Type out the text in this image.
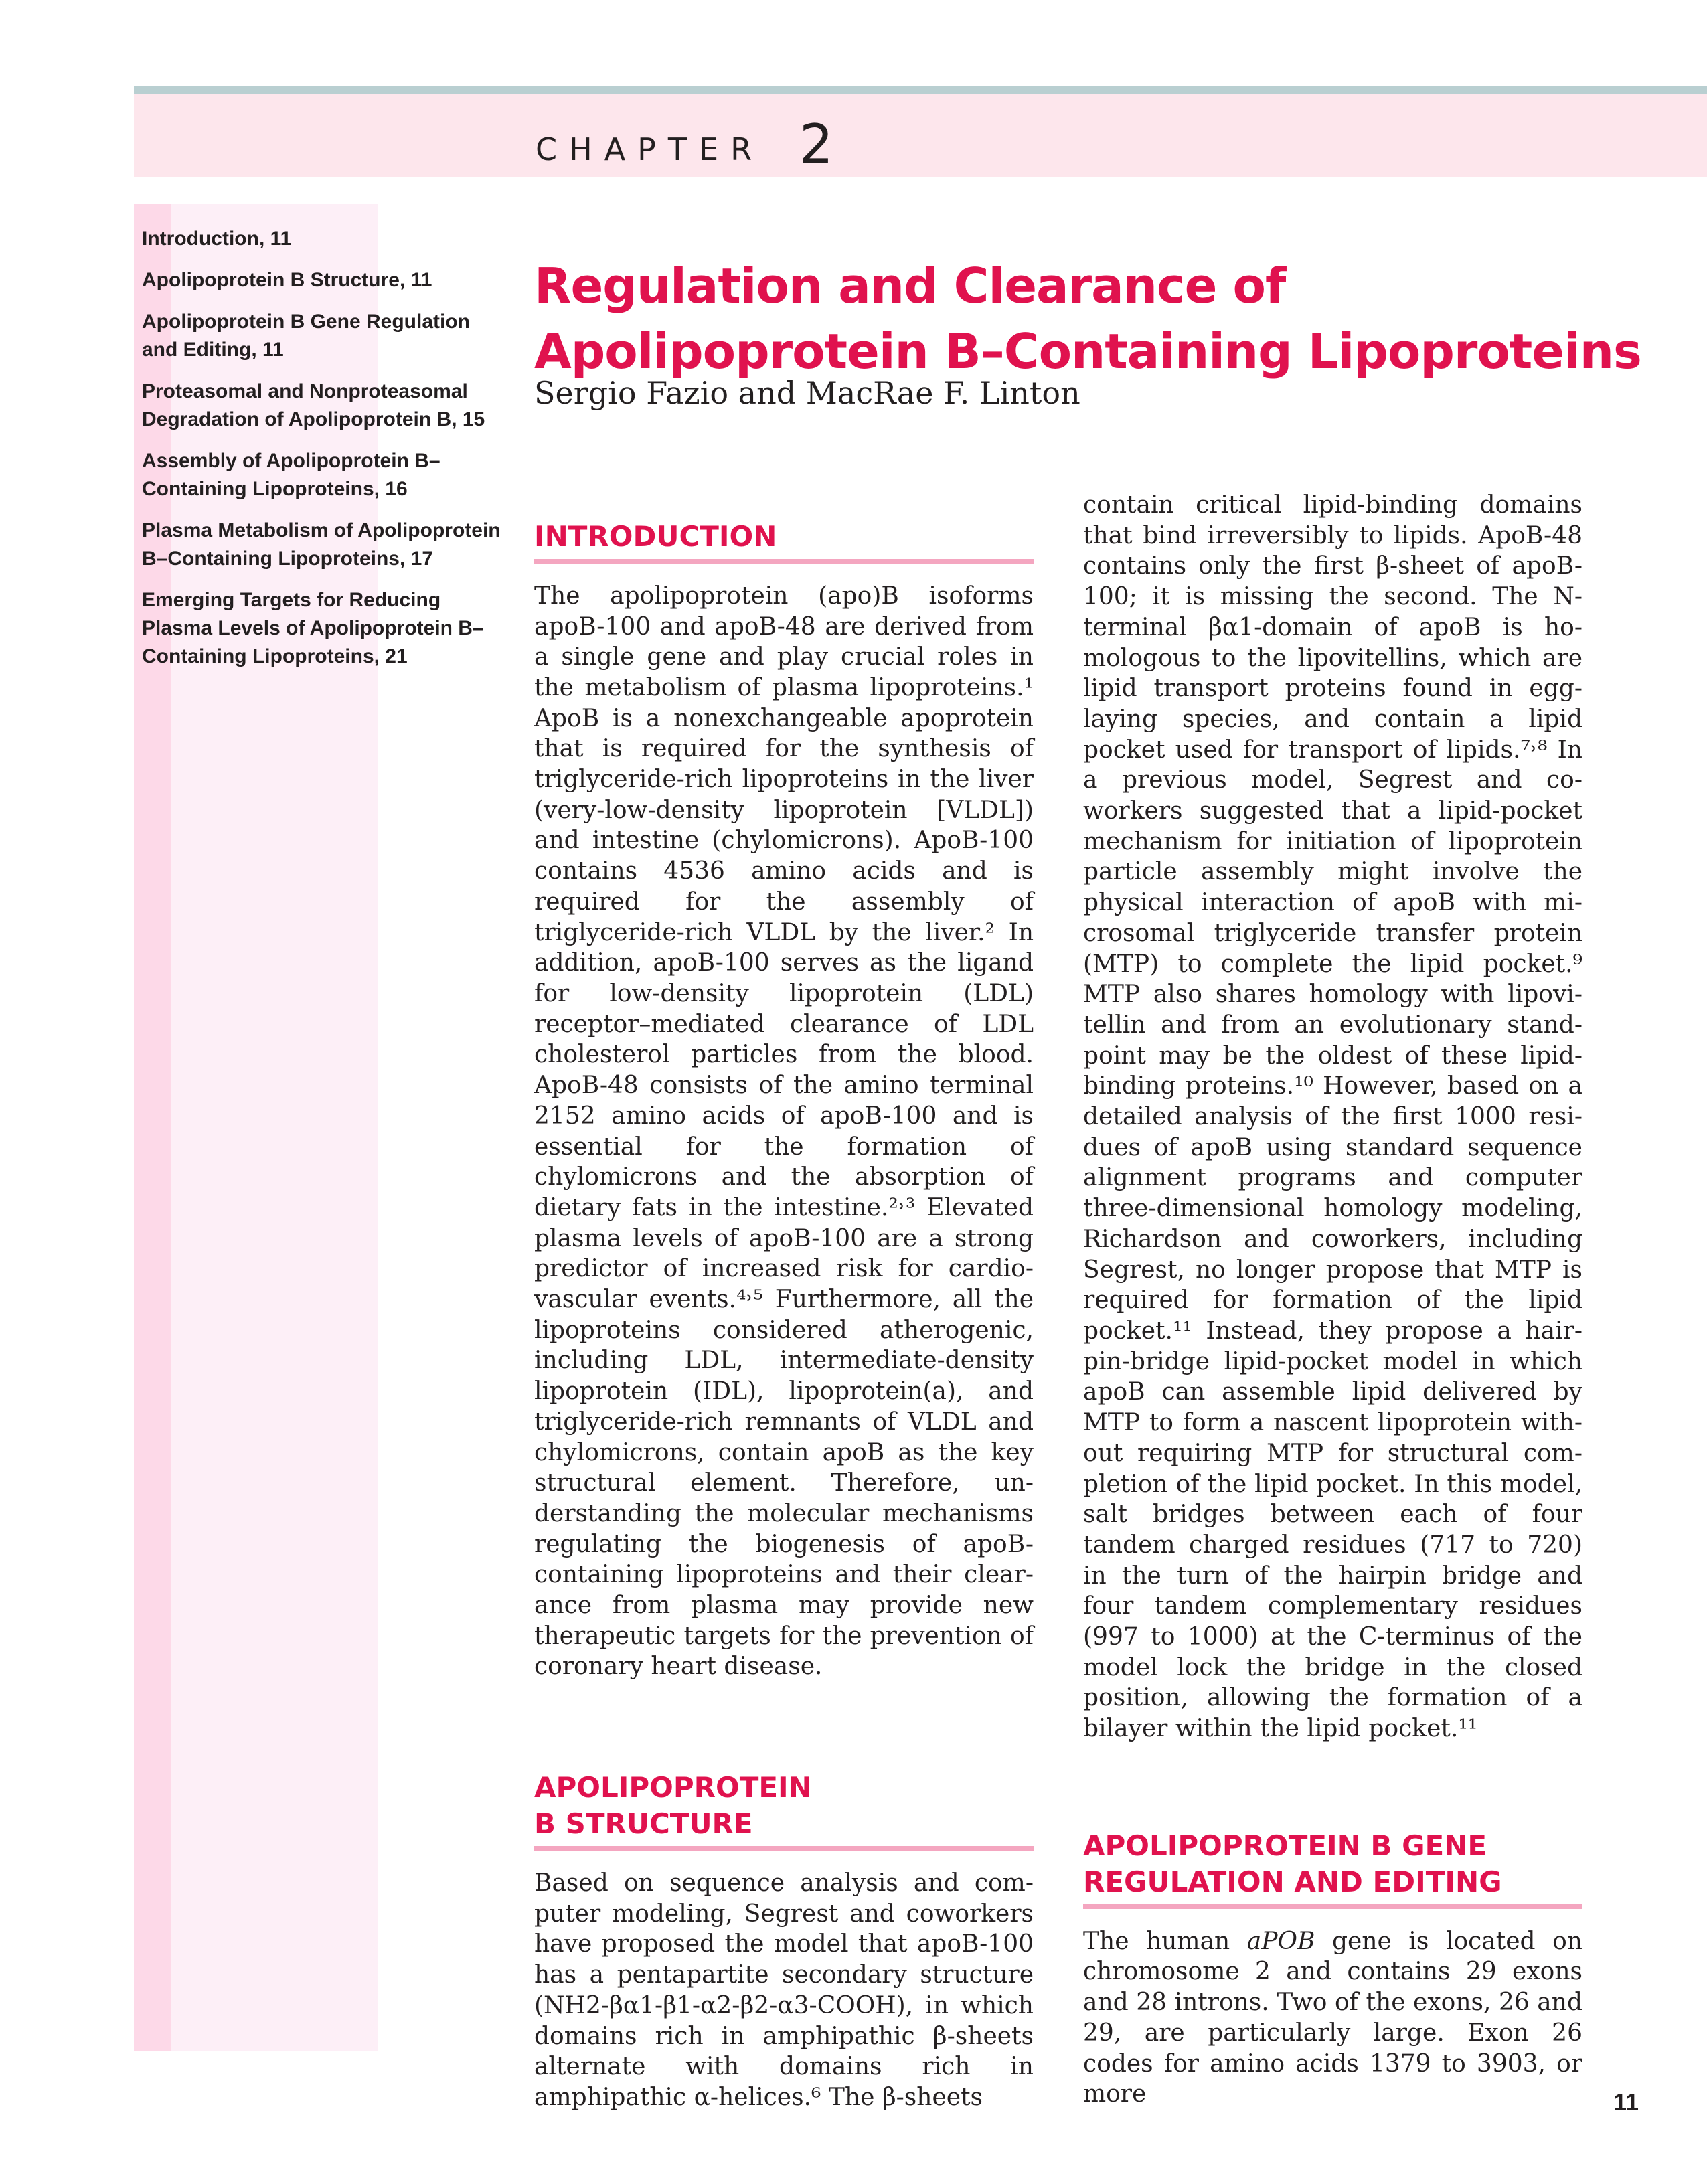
CHAPTER 2
Introduction, 11
Apolipoprotein B Structure, 11
Apolipoprotein B Gene Regulation and Editing, 11
Proteasomal and Nonproteasomal Degradation of Apolipoprotein B, 15
Assembly of Apolipoprotein B–Containing Lipoproteins, 16
Plasma Metabolism of Apolipoprotein B–Containing Lipoproteins, 17
Emerging Targets for Reducing Plasma Levels of Apolipoprotein B–Containing Lipoproteins, 21
Regulation and Clearance of
Apolipoprotein B–Containing Lipoproteins
Sergio Fazio and MacRae F. Linton
INTRODUCTION

The apolipoprotein (apo)B isoforms apoB-100 and apoB-48 are derived from a single gene and play crucial roles in the metabolism of plasma lipoproteins.¹ ApoB is a nonexchangeable apoprotein that is required for the synthesis of triglyceride-rich lipoproteins in the liver (very-low-density lipoprotein [VLDL]) and intestine (chylomicrons). ApoB-100 contains 4536 amino acids and is required for the assembly of triglyceride-rich VLDL by the liver.² In addition, apoB-100 serves as the ligand for low-density lipoprotein (LDL) receptor–mediated clearance of LDL cholesterol particles from the blood. ApoB-48 consists of the amino terminal 2152 amino acids of apoB-100 and is essential for the formation of chylomicrons and the absorption of dietary fats in the intestine.²˒³ Elevated plasma levels of apoB-100 are a strong predictor of increased risk for cardiovascular events.⁴˒⁵ Furthermore, all the lipoproteins considered atherogenic, including LDL, intermediate-density lipoprotein (IDL), lipoprotein(a), and triglyceride-rich remnants of VLDL and chylomicrons, contain apoB as the key structural element. Therefore, understanding the molecular mechanisms regulating the biogenesis of apoB-containing lipoproteins and their clearance from plasma may provide new therapeutic targets for the prevention of coronary heart disease.

APOLIPOPROTEIN
B STRUCTURE

Based on sequence analysis and computer modeling, Segrest and coworkers have proposed the model that apoB-100 has a pentapartite secondary structure (NH2-βα1-β1-α2-β2-α3-COOH), in which domains rich in amphipathic β-sheets alternate with domains rich in amphipathic α-helices.⁶ The β-sheets

contain critical lipid-binding domains that bind irreversibly to lipids. ApoB-48 contains only the first β-sheet of apoB-100; it is missing the second. The N-terminal βα1-domain of apoB is homologous to the lipovitellins, which are lipid transport proteins found in egg-laying species, and contain a lipid pocket used for transport of lipids.⁷˒⁸ In a previous model, Segrest and coworkers suggested that a lipid-pocket mechanism for initiation of lipoprotein particle assembly might involve the physical interaction of apoB with microsomal triglyceride transfer protein (MTP) to complete the lipid pocket.⁹ MTP also shares homology with lipovitellin and from an evolutionary standpoint may be the oldest of these lipid-binding proteins.¹⁰ However, based on a detailed analysis of the first 1000 residues of apoB using standard sequence alignment programs and computer three-dimensional homology modeling, Richardson and coworkers, including Segrest, no longer propose that MTP is required for formation of the lipid pocket.¹¹ Instead, they propose a hairpin-bridge lipid-pocket model in which apoB can assemble lipid delivered by MTP to form a nascent lipoprotein without requiring MTP for structural completion of the lipid pocket. In this model, salt bridges between each of four tandem charged residues (717 to 720) in the turn of the hairpin bridge and four tandem complementary residues (997 to 1000) at the C-terminus of the model lock the bridge in the closed position, allowing the formation of a bilayer within the lipid pocket.¹¹

APOLIPOPROTEIN B GENE
REGULATION AND EDITING

The human aPOB gene is located on chromosome 2 and contains 29 exons and 28 introns. Two of the exons, 26 and 29, are particularly large. Exon 26 codes for amino acids 1379 to 3903, or more	11
